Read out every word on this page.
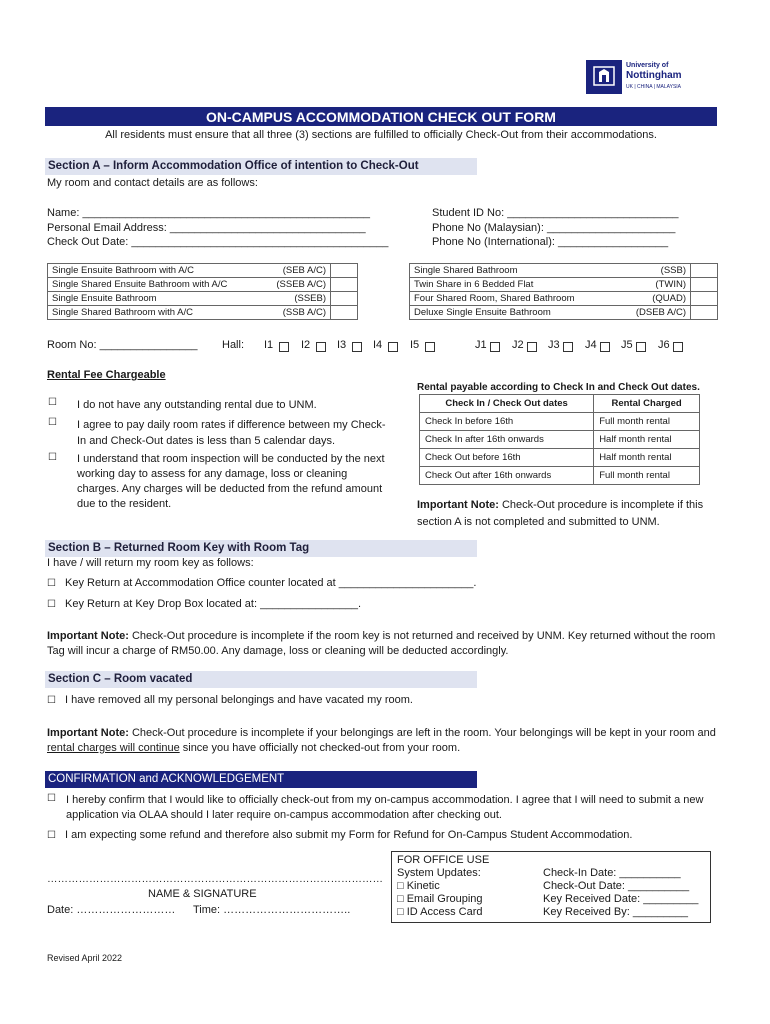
University of
Nottingham
UK | CHINA | MALAYSIA
ON-CAMPUS ACCOMMODATION CHECK OUT FORM
All residents must ensure that all three (3) sections are fulfilled to officially Check-Out from their accommodations.
Section A – Inform Accommodation Office of intention to Check-Out
My room and contact details are as follows:
Name: _______________________________________________
Personal Email Address: ________________________________
Check Out Date: __________________________________________
Student ID No: ____________________________
Phone No (Malaysian): _____________________
Phone No (International): __________________
Single Ensuite Bathroom with A/C	(SEB A/C)	
Single Shared Ensuite Bathroom with A/C	(SSEB A/C)	
Single Ensuite Bathroom	(SSEB)	
Single Shared Bathroom with A/C	(SSB A/C)	
Single Shared Bathroom	(SSB)	
Twin Share in 6 Bedded Flat	(TWIN)	
Four Shared Room, Shared Bathroom	(QUAD)	
Deluxe Single Ensuite Bathroom	(DSEB A/C)	
Room No: ________________ Hall: I1	I2 I3 I4	I5	J1 J2 J3 J4 J5 J6
Rental Fee Chargeable
☐ I do not have any outstanding rental due to UNM.
☐ I agree to pay daily room rates if difference between my Check-In and Check-Out dates is less than 5 calendar days.
☐ I understand that room inspection will be conducted by the next working day to assess for any damage, loss or cleaning charges. Any charges will be deducted from the refund amount due to the resident.
Rental payable according to Check In and Check Out dates.
Check In / Check Out dates	Rental Charged
Check In before 16th	Full month rental
Check In after 16th onwards	Half month rental
Check Out before 16th	Half month rental
Check Out after 16th onwards	Full month rental
Important Note: Check-Out procedure is incomplete if this section A is not completed and submitted to UNM.
Section B – Returned Room Key with Room Tag
I have / will return my room key as follows:
☐ Key Return at Accommodation Office counter located at ______________________.
☐ Key Return at Key Drop Box located at: ________________.
Important Note: Check-Out procedure is incomplete if the room key is not returned and received by UNM. Key returned without the room Tag will incur a charge of RM50.00. Any damage, loss or cleaning will be deducted accordingly.
Section C – Room vacated
☐ I have removed all my personal belongings and have vacated my room.
Important Note: Check-Out procedure is incomplete if your belongings are left in the room. Your belongings will be kept in your room and rental charges will continue since you have officially not checked-out from your room.
CONFIRMATION and ACKNOWLEDGEMENT
☐ I hereby confirm that I would like to officially check-out from my on-campus accommodation. I agree that I will need to submit a new application via OLAA should I later require on-campus accommodation after checking out.
☐ I am expecting some refund and therefore also submit my Form for Refund for On-Campus Student Accommodation.
……………………………………………………………………………………
NAME & SIGNATURE
Date: ……………………… Time: ……………………………..
FOR OFFICE USE
System Updates:
□ Kinetic
□ Email Grouping
□ ID Access Card
Check-In Date: __________
Check-Out Date: __________
Key Received Date: _________
Key Received By: _________
Revised April 2022
